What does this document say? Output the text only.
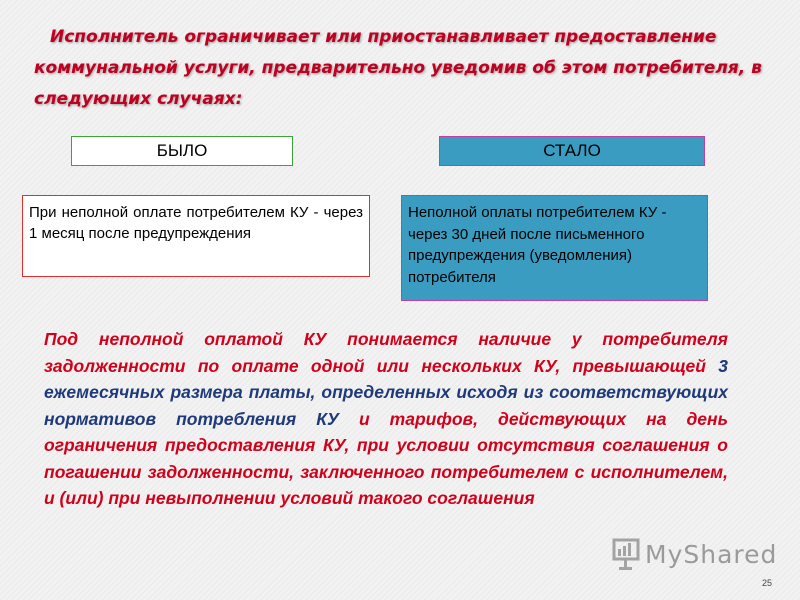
Исполнитель ограничивает или приостанавливает предоставление коммунальной услуги, предварительно уведомив об этом потребителя, в следующих случаях:
БЫЛО	СТАЛО
При неполной оплате потребителем КУ - через 1 месяц после предупреждения
Неполной оплаты потребителем КУ - через 30 дней после письменного предупреждения (уведомления) потребителя

Под неполной оплатой КУ понимается наличие у потребителя задолженности по оплате одной или нескольких КУ, превышающей 3 ежемесячных размера платы, определенных исходя из соответствующих нормативов потребления КУ и тарифов, действующих на день ограничения предоставления КУ, при условии отсутствия соглашения о погашении задолженности, заключенного потребителем с исполнителем, и (или) при невыполнении условий такого соглашения

MyShared
25
